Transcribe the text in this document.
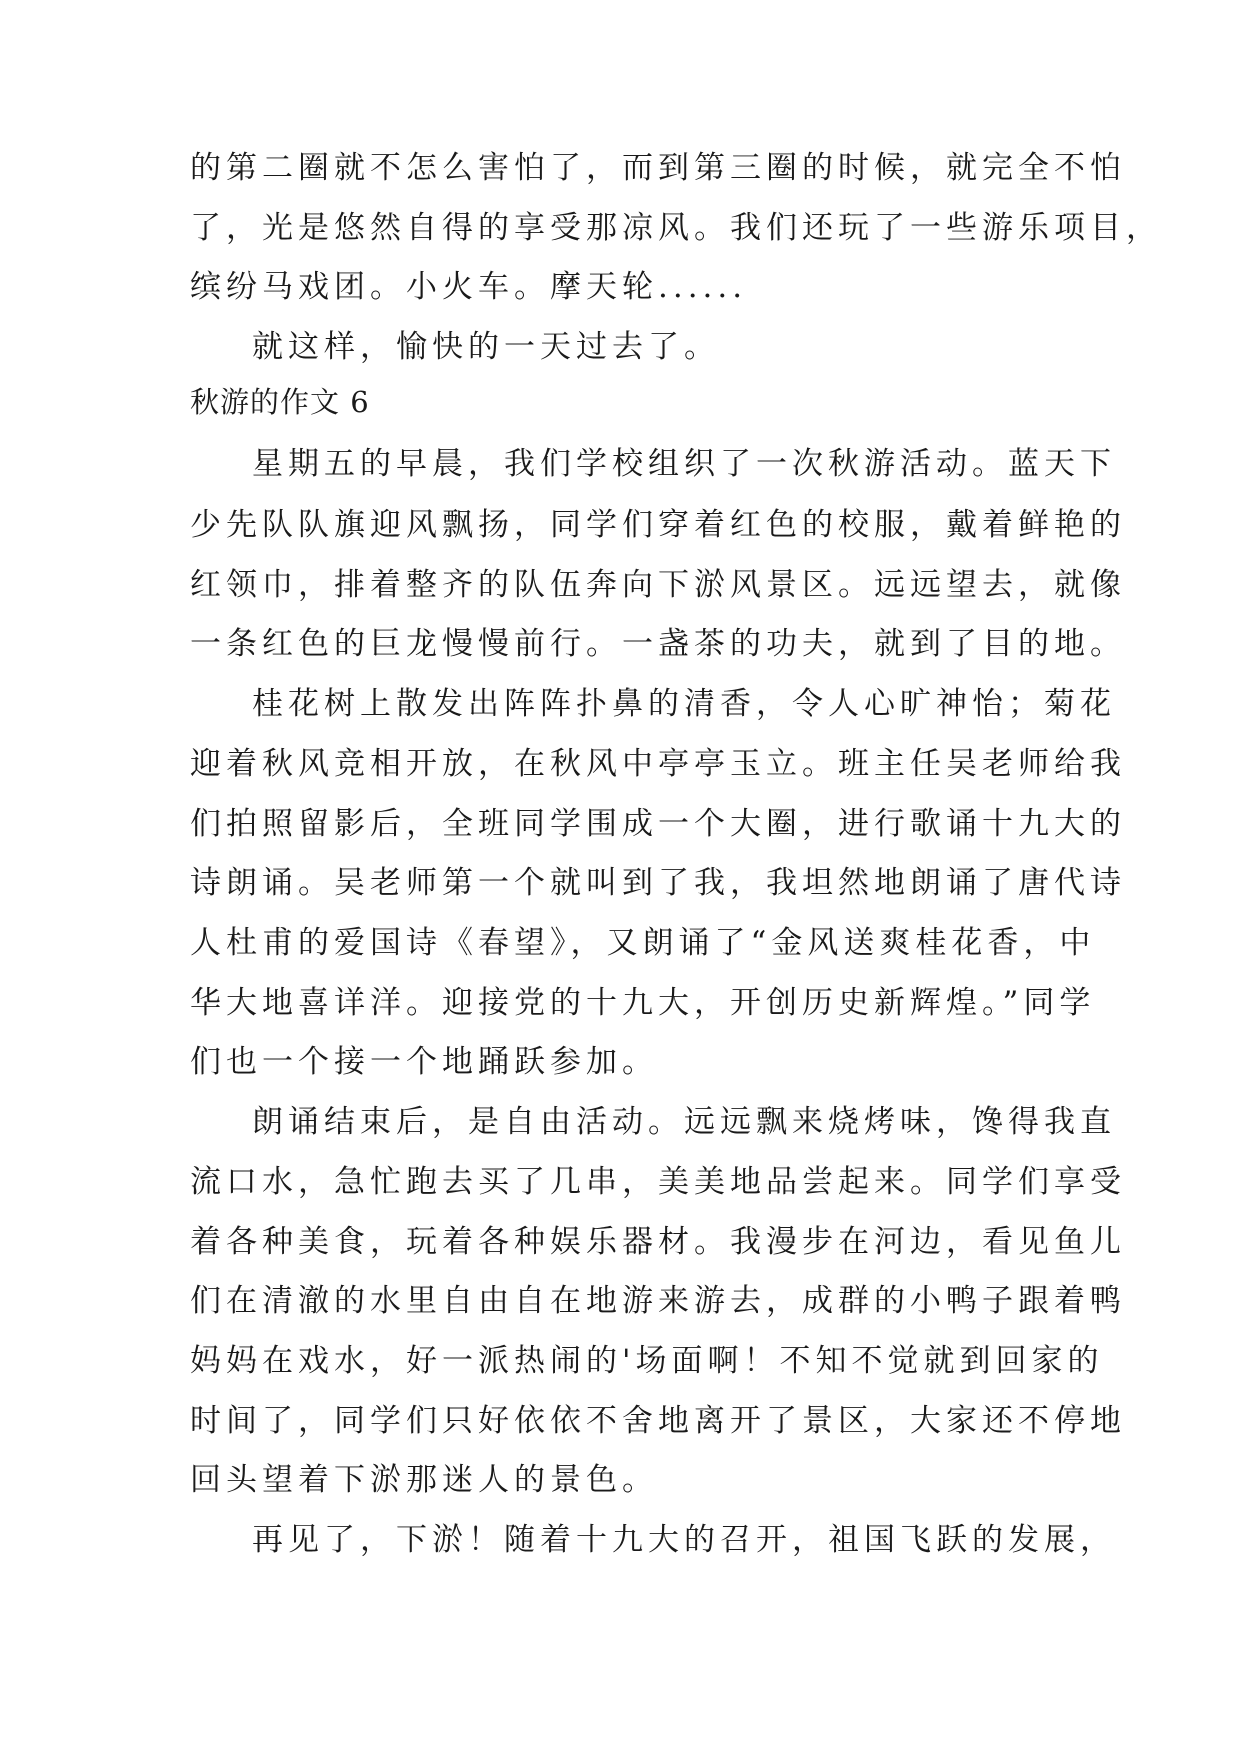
的第二圈就不怎么害怕了，而到第三圈的时候，就完全不怕
了，光是悠然自得的享受那凉风。我们还玩了一些游乐项目，
缤纷马戏团。小火车。摩天轮......
就这样，愉快的一天过去了。
秋游的作文 6
星期五的早晨，我们学校组织了一次秋游活动。蓝天下
少先队队旗迎风飘扬，同学们穿着红色的校服，戴着鲜艳的
红领巾，排着整齐的队伍奔向下淤风景区。远远望去，就像
一条红色的巨龙慢慢前行。一盏茶的功夫，就到了目的地。
桂花树上散发出阵阵扑鼻的清香，令人心旷神怡；菊花
迎着秋风竞相开放，在秋风中亭亭玉立。班主任吴老师给我
们拍照留影后，全班同学围成一个大圈，进行歌诵十九大的
诗朗诵。吴老师第一个就叫到了我，我坦然地朗诵了唐代诗
人杜甫的爱国诗《春望》，又朗诵了“金风送爽桂花香，中
华大地喜详洋。迎接党的十九大，开创历史新辉煌。”同学
们也一个接一个地踊跃参加。
朗诵结束后，是自由活动。远远飘来烧烤味，馋得我直
流口水，急忙跑去买了几串，美美地品尝起来。同学们享受
着各种美食，玩着各种娱乐器材。我漫步在河边，看见鱼儿
们在清澈的水里自由自在地游来游去，成群的小鸭子跟着鸭
妈妈在戏水，好一派热闹的'场面啊！不知不觉就到回家的
时间了，同学们只好依依不舍地离开了景区，大家还不停地
回头望着下淤那迷人的景色。
再见了，下淤！随着十九大的召开，祖国飞跃的发展，
